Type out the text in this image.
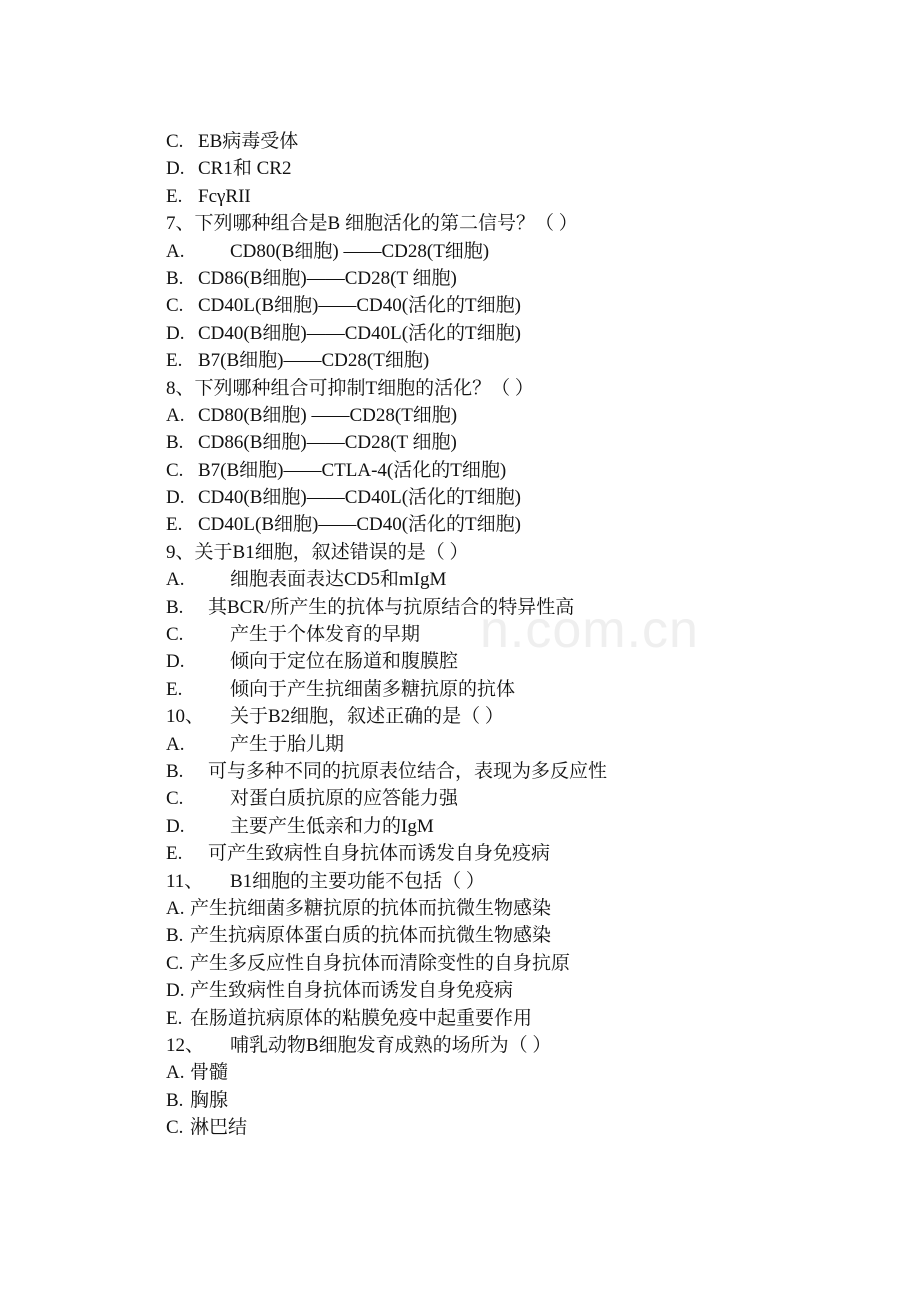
n.com.cn
C. EB病毒受体
D. CR1和 CR2
E. FcγRII
7、 下列哪种组合是B 细胞活化的第二信号？（ ）
A.	CD80(B细胞) ——CD28(T细胞)
B. CD86(B细胞)——CD28(T 细胞)
C. CD40L(B细胞)——CD40(活化的T细胞)
D. CD40(B细胞)——CD40L(活化的T细胞)
E. B7(B细胞)——CD28(T细胞)
8、 下列哪种组合可抑制T细胞的活化？（ ）
A. CD80(B细胞) ——CD28(T细胞)
B. CD86(B细胞)——CD28(T 细胞)
C. B7(B细胞)——CTLA-4(活化的T细胞)
D. CD40(B细胞)——CD40L(活化的T细胞)
E. CD40L(B细胞)——CD40(活化的T细胞)
9、 关于B1细胞，叙述错误的是（ ）
A.	细胞表面表达CD5和mIgM
B.	其BCR/所产生的抗体与抗原结合的特异性高
C.	产生于个体发育的早期
D.	倾向于定位在肠道和腹膜腔
E.	倾向于产生抗细菌多糖抗原的抗体
10、	关于B2细胞，叙述正确的是（ ）
A.	产生于胎儿期
B.	可与多种不同的抗原表位结合，表现为多反应性
C.	对蛋白质抗原的应答能力强
D.	主要产生低亲和力的IgM
E.	可产生致病性自身抗体而诱发自身免疫病
11、	B1细胞的主要功能不包括（ ）
A. 产生抗细菌多糖抗原的抗体而抗微生物感染
B. 产生抗病原体蛋白质的抗体而抗微生物感染
C. 产生多反应性自身抗体而清除变性的自身抗原
D. 产生致病性自身抗体而诱发自身免疫病
E. 在肠道抗病原体的粘膜免疫中起重要作用
12、	哺乳动物B细胞发育成熟的场所为（ ）
A. 骨髓
B. 胸腺
C. 淋巴结
